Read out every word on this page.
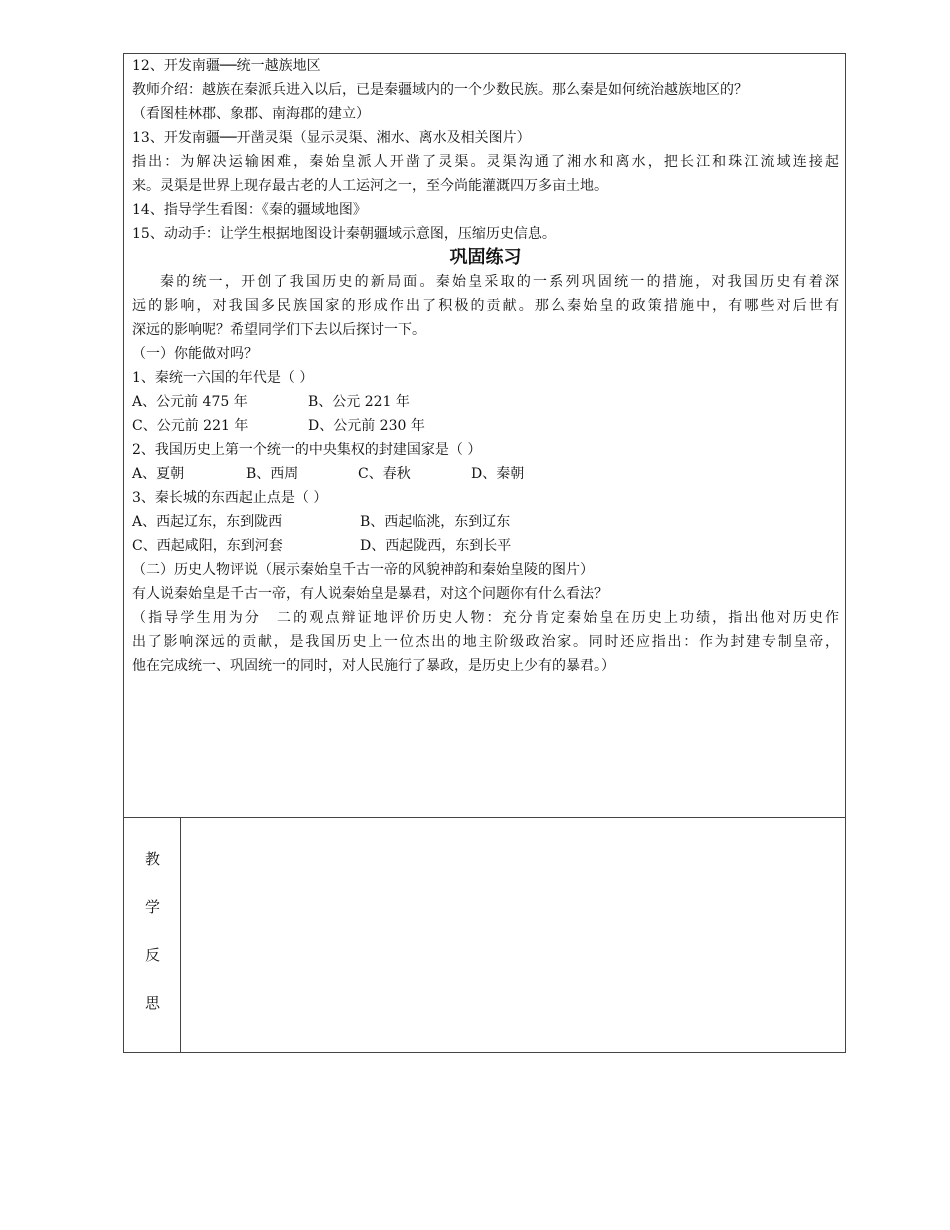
12、开发南疆──统一越族地区
教师介绍：越族在秦派兵进入以后，已是秦疆域内的一个少数民族。那么秦是如何统治越族地区的？
（看图桂林郡、象郡、南海郡的建立）
13、开发南疆──开凿灵渠（显示灵渠、湘水、离水及相关图片）
指出：为解决运输困难，秦始皇派人开凿了灵渠。灵渠沟通了湘水和离水，把长江和珠江流域连接起
来。灵渠是世界上现存最古老的人工运河之一，至今尚能灌溉四万多亩土地。
14、指导学生看图：《秦的疆域地图》
15、动动手：让学生根据地图设计秦朝疆域示意图，压缩历史信息。
巩固练习
秦的统一，开创了我国历史的新局面。秦始皇采取的一系列巩固统一的措施，对我国历史有着深
远的影响，对我国多民族国家的形成作出了积极的贡献。那么秦始皇的政策措施中，有哪些对后世有
深远的影响呢？希望同学们下去以后探讨一下。
（一）你能做对吗？
1、秦统一六国的年代是（ ）
A、公元前 475 年	B、公元 221 年
C、公元前 221 年	D、公元前 230 年
2、我国历史上第一个统一的中央集权的封建国家是（ ）
A、夏朝	B、西周	C、春秋	D、秦朝
3、秦长城的东西起止点是（ ）
A、西起辽东，东到陇西	B、西起临洮，东到辽东
C、西起咸阳，东到河套	D、西起陇西，东到长平
（二）历史人物评说（展示秦始皇千古一帝的风貌神韵和秦始皇陵的图片）
有人说秦始皇是千古一帝，有人说秦始皇是暴君，对这个问题你有什么看法？
（指导学生用为分　二的观点辩证地评价历史人物：充分肯定秦始皇在历史上功绩，指出他对历史作
出了影响深远的贡献，是我国历史上一位杰出的地主阶级政治家。同时还应指出：作为封建专制皇帝，
他在完成统一、巩固统一的同时，对人民施行了暴政，是历史上少有的暴君。）
教
学
反
思
